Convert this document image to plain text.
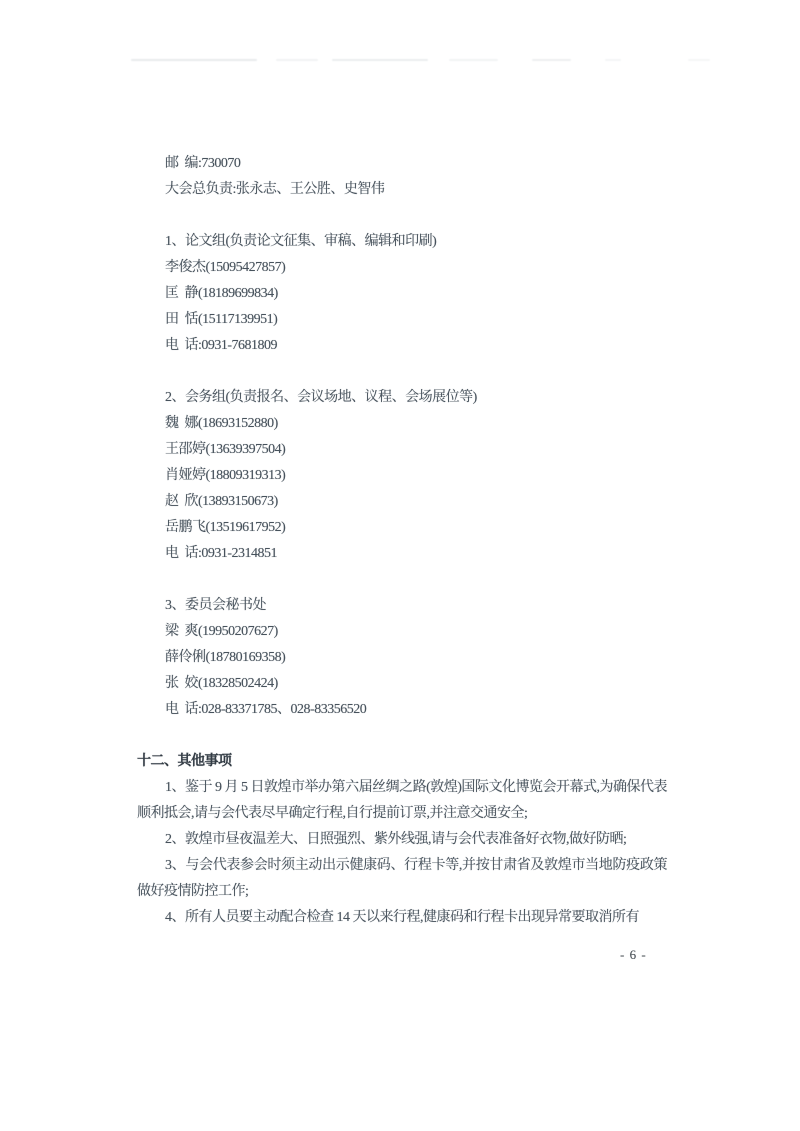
邮  编:730070
大会总负责:张永志、王公胜、史智伟
1、论文组(负责论文征集、审稿、编辑和印刷)
李俊杰(15095427857)
匡  静(18189699834)
田  恬(15117139951)
电  话:0931-7681809
2、会务组(负责报名、会议场地、议程、会场展位等)
魏  娜(18693152880)
王邵婷(13639397504)
肖娅婷(18809319313)
赵  欣(13893150673)
岳鹏飞(13519617952)
电  话:0931-2314851
3、委员会秘书处
梁  爽(19950207627)
薛伶俐(18780169358)
张  姣(18328502424)
电  话:028-83371785、028-83356520
十二、其他事项

1、鉴于 9 月 5 日敦煌市举办第六届丝绸之路(敦煌)国际文化博览会开幕式,为确保代表顺利抵会,请与会代表尽早确定行程,自行提前订票,并注意交通安全;

2、敦煌市昼夜温差大、日照强烈、紫外线强,请与会代表准备好衣物,做好防晒;

3、与会代表参会时须主动出示健康码、行程卡等,并按甘肃省及敦煌市当地防疫政策做好疫情防控工作;

4、所有人员要主动配合检查 14 天以来行程,健康码和行程卡出现异常要取消所有

- 6 -
